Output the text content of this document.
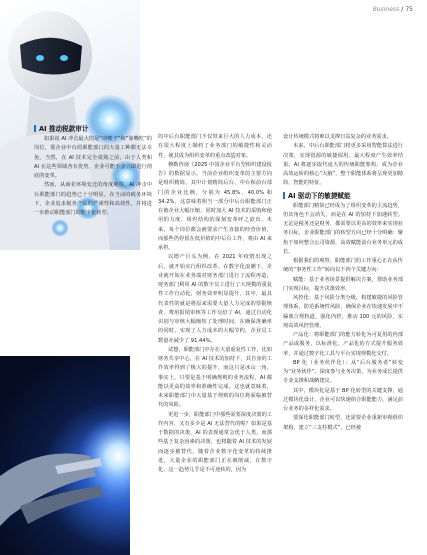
Business / 75
AI 推动税款审计

如果说 AI 冲击最大的是“动账子”和“靠嘴吃”的岗位，那企业中台的职能部门的大量工种都无法幸免。当然，在 AI 技术完全成熟之前，由于人类和 AI 在这些领域各有优势，企业可能不会立即进行彻底的变革。

然而，从商业环境变迁的角度观察，AI 冲击中台职能部门的趋势已十分明显。在当前的税务环境下，企业追求税务产品的严谨性和高效性，并将进一步推动职能部门的数字化转型，

的中后台职能部门不仅带来巨大的人力成本，还在很大程度上制约了业务部门的敏捷性和灵活性，使其成为组织变革的重点改造对象。

穆勒咨询《2025 中国企业平台型组织建设报告》的数据显示，当前企业组织变革的主要方向是组织精简，其中计划精简后台、中台和前台部门的企业比例，分别为 45.8%、40.0% 和 34.2%，这意味着相当一部分中后台职能部门正在被企业大幅压缩，同时加大 AI 技术的采购和使用的力度，组织结构的深刻变革呼之欲出。未来，每个岗位都会被要求产生直接的经营价值，而那些仍停留在低价值的中后台工作，将由 AI 来承担。

以德产巨头为例，在 2021 年疫情出现之后，就开始实行组织改革。在数字化浪潮下，企业就开始在业务端对财务部门进行了流程再造，财务部门利用 AI 的数字员工进行了大规模的重复性工作自动化，财务效率明显提升。其中，最具代表性的就是将原来需要大量人力完成的票据核查、费用报销审核等工作交给了 AI，通过自动化识别与审核大幅缩短了处理时间，在确保准确率的同时，实现了人力成本的大幅节约，企业员工数量亦减少了 91.44%。

试想，职能部门中存在大量重复性工作，比如财务共享中心，在 AI 技术的加持下，其自身的工作效率得到了极大的提升。而这只是冰山一角，事实上，只要是基于明确规则的业务流程，AI 都能以更高的效率和准确性完成。这也就意味着，未来职能部门中大量基于规则的岗位将面临被替代的风险。

更进一步，职能部门中那些需要深度决策的工作内容，又有多少是 AI 无法替代的呢？如果是基于数据的决策，AI 的表现通常会优于人类，而那些基于复杂因素的决策，也将随着 AI 技术的发展而逐步被替代。随着企业数字化变革的持续推进，大量企业的职能部门正在被削减，在数字化、这一趋势几乎是不可逆转的，因为

设计传统模式将难以支撑日益复杂的业务需求。

未来，中后台职能部门将更多采用智能算法进行决策，实现资源的敏捷调用。最大程度产生效率结果。AI 将逐步取代庞大的传统职能架构，成为企业高效运转的核心“大脑”，整个职能体系将呈现更加精简、智能的特征。

AI 驱动下的敏捷赋能

职能部门精简已经成为了组织变革的主流趋势，但其角色不会消失，而是在 AI 的加持下加速转型。无论是税务还是财务，都需要以更高的效率来实现业务目标，企业职能部门的转型方向已经十分明确：聚焦于如何整合公司资源，高效赋能前台业务单元的成长。

根据我们的观察，职能部门的工作重心正在从传统的“事务性工作”转向以下四个关键方向：

赋能：基于业务场景提供解决方案，帮助业务部门实现目标，提升决策效率。

风控化：基于风险分类分级，构建敏捷的风险管理体系，防范系统性风险，确保企业在快速发展中不偏离合规轨道，强化内控，推动 100 元的风险，实现高效风控管理。

产品化：将职能部门的能力转化为可复用的内部产品或服务，以标准化、产品化的方式提升服务效率，并通过数字化工具与平台实现规模化交付。

BP 化（业务伙伴化）：从“后台服务者”转变为“业务伙伴”，深度参与业务决策，为业务成长提供专业支撑和战略建议。

其中，模块化是基于 BP 化转型的关键支撑，通过模块化设计，企业可以快速组合职能能力，满足前台业务的多样化需求。

要深化职能部门转型，还需要企业重新审视组织架构，建立“三支柱模式”，已经被
